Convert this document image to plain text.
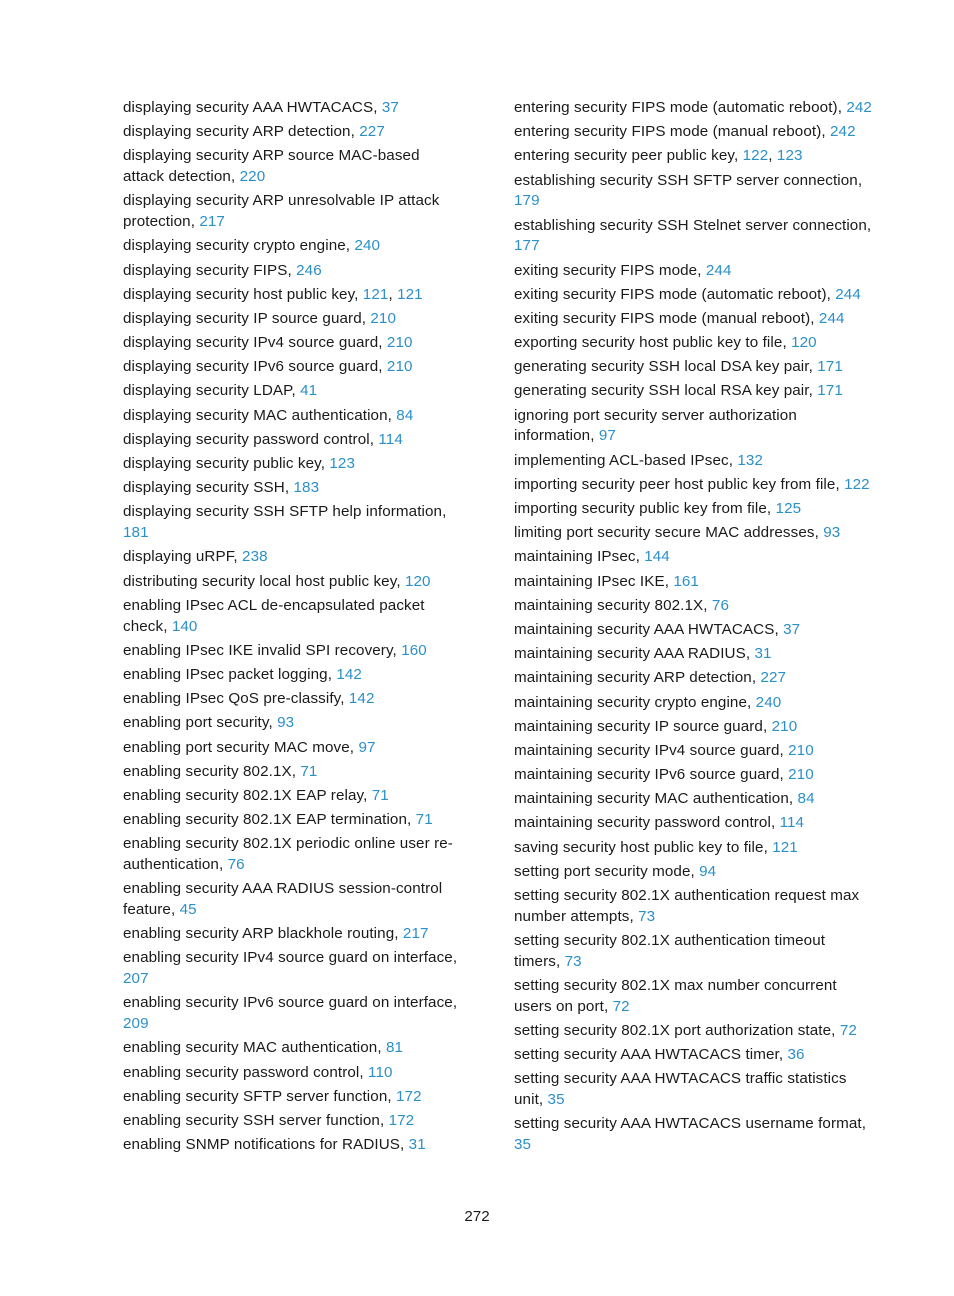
displaying security AAA HWTACACS, 37

displaying security ARP detection, 227

displaying security ARP source MAC-based attack detection, 220

displaying security ARP unresolvable IP attack protection, 217

displaying security crypto engine, 240

displaying security FIPS, 246

displaying security host public key, 121, 121

displaying security IP source guard, 210

displaying security IPv4 source guard, 210

displaying security IPv6 source guard, 210

displaying security LDAP, 41

displaying security MAC authentication, 84

displaying security password control, 114

displaying security public key, 123

displaying security SSH, 183

displaying security SSH SFTP help information, 181

displaying uRPF, 238

distributing security local host public key, 120

enabling IPsec ACL de-encapsulated packet check, 140

enabling IPsec IKE invalid SPI recovery, 160

enabling IPsec packet logging, 142

enabling IPsec QoS pre-classify, 142

enabling port security, 93

enabling port security MAC move, 97

enabling security 802.1X, 71

enabling security 802.1X EAP relay, 71

enabling security 802.1X EAP termination, 71

enabling security 802.1X periodic online user re-authentication, 76

enabling security AAA RADIUS session-control feature, 45

enabling security ARP blackhole routing, 217

enabling security IPv4 source guard on interface, 207

enabling security IPv6 source guard on interface, 209

enabling security MAC authentication, 81

enabling security password control, 110

enabling security SFTP server function, 172

enabling security SSH server function, 172

enabling SNMP notifications for RADIUS, 31

entering security FIPS mode (automatic reboot), 242

entering security FIPS mode (manual reboot), 242

entering security peer public key, 122, 123

establishing security SSH SFTP server connection, 179

establishing security SSH Stelnet server connection, 177

exiting security FIPS mode, 244

exiting security FIPS mode (automatic reboot), 244

exiting security FIPS mode (manual reboot), 244

exporting security host public key to file, 120

generating security SSH local DSA key pair, 171

generating security SSH local RSA key pair, 171

ignoring port security server authorization information, 97

implementing ACL-based IPsec, 132

importing security peer host public key from file, 122

importing security public key from file, 125

limiting port security secure MAC addresses, 93

maintaining IPsec, 144

maintaining IPsec IKE, 161

maintaining security 802.1X, 76

maintaining security AAA HWTACACS, 37

maintaining security AAA RADIUS, 31

maintaining security ARP detection, 227

maintaining security crypto engine, 240

maintaining security IP source guard, 210

maintaining security IPv4 source guard, 210

maintaining security IPv6 source guard, 210

maintaining security MAC authentication, 84

maintaining security password control, 114

saving security host public key to file, 121

setting port security mode, 94

setting security 802.1X authentication request max number attempts, 73

setting security 802.1X authentication timeout timers, 73

setting security 802.1X max number concurrent users on port, 72

setting security 802.1X port authorization state, 72

setting security AAA HWTACACS timer, 36

setting security AAA HWTACACS traffic statistics unit, 35

setting security AAA HWTACACS username format, 35

272
